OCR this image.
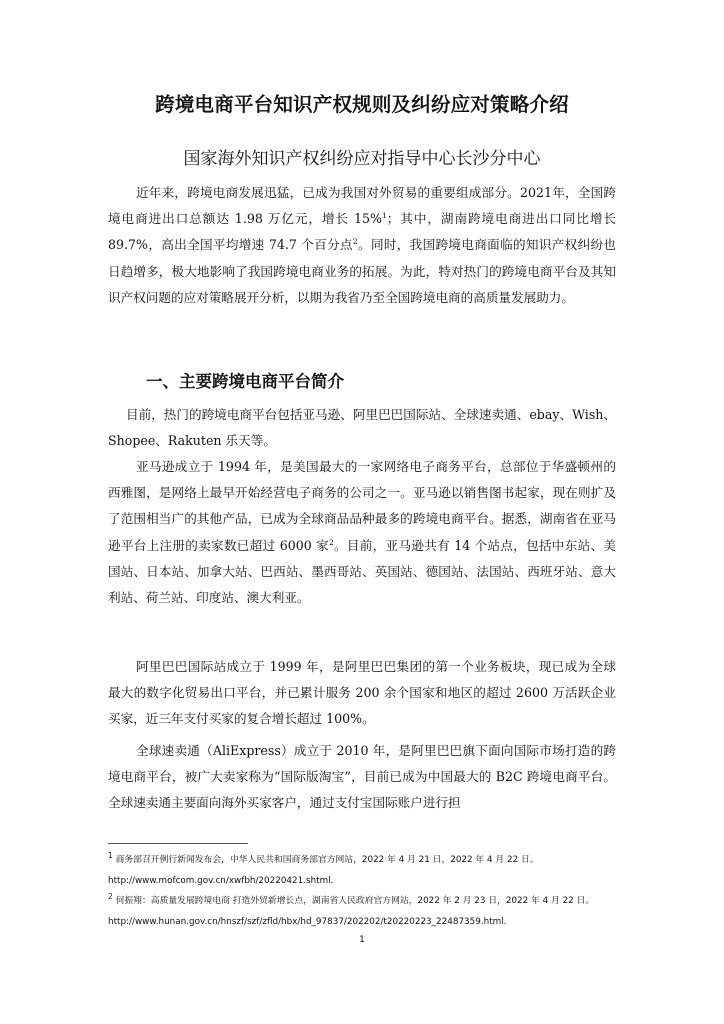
跨境电商平台知识产权规则及纠纷应对策略介绍
国家海外知识产权纠纷应对指导中心长沙分中心

近年来，跨境电商发展迅猛，已成为我国对外贸易的重要组成部分。2021年，全国跨境电商进出口总额达 1.98 万亿元，增长 15%$^1$；其中，湖南跨境电商进出口同比增长 89.7%，高出全国平均增速 74.7 个百分点$^2$。同时，我国跨境电商面临的知识产权纠纷也日趋增多，极大地影响了我国跨境电商业务的拓展。为此，特对热门的跨境电商平台及其知识产权问题的应对策略展开分析，以期为我省乃至全国跨境电商的高质量发展助力。

一、主要跨境电商平台简介

目前，热门的跨境电商平台包括亚马逊、阿里巴巴国际站、全球速卖通、ebay、Wish、Shopee、Rakuten 乐天等。

亚马逊成立于 1994 年，是美国最大的一家网络电子商务平台，总部位于华盛顿州的西雅图，是网络上最早开始经营电子商务的公司之一。亚马逊以销售图书起家，现在则扩及了范围相当广的其他产品，已成为全球商品品种最多的跨境电商平台。据悉，湖南省在亚马逊平台上注册的卖家数已超过 6000 家$^2$。目前，亚马逊共有 14 个站点，包括中东站、美国站、日本站、加拿大站、巴西站、墨西哥站、英国站、德国站、法国站、西班牙站、意大利站、荷兰站、印度站、澳大利亚。

阿里巴巴国际站成立于 1999 年，是阿里巴巴集团的第一个业务板块，现已成为全球最大的数字化贸易出口平台，并已累计服务 200 余个国家和地区的超过 2600 万活跃企业买家，近三年支付买家的复合增长超过 100%。

全球速卖通（AliExpress）成立于 2010 年，是阿里巴巴旗下面向国际市场打造的跨境电商平台，被广大卖家称为“国际版淘宝”，目前已成为中国最大的 B2C 跨境电商平台。全球速卖通主要面向海外买家客户，通过支付宝国际账户进行担

$^1$ 商务部召开例行新闻发布会，中华人民共和国商务部官方网站，2022 年 4 月 21 日，2022 年 4 月 22 日。http://www.mofcom.gov.cn/xwfbh/20220421.shtml.

$^2$ 何振翔：高质量发展跨境电商 打造外贸新增长点，湖南省人民政府官方网站，2022 年 2 月 23 日，2022 年 4 月 22 日。http://www.hunan.gov.cn/hnszf/szf/zfld/hbx/hd_97837/202202/t20220223_22487359.html.

1
